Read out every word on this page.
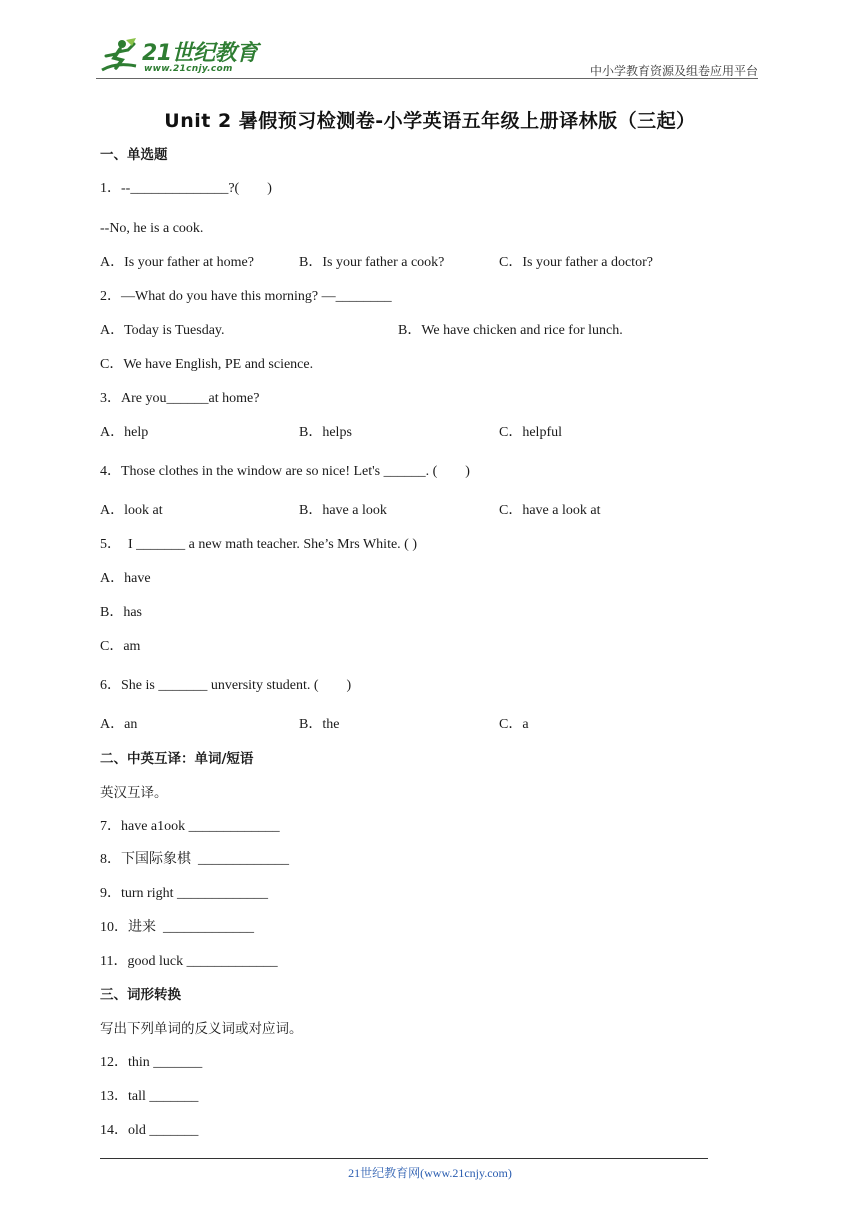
21世纪教育
www.21cnjy.com	中小学教育资源及组卷应用平台
Unit 2 暑假预习检测卷-小学英语五年级上册译林版（三起）
一、单选题
1．--______________?(　　)
--No, he is a cook.
A．Is your father at home?	B．Is your father a cook?	C．Is your father a doctor?
2．—What do you have this morning? —________
A．Today is Tuesday.	B．We have chicken and rice for lunch.
C．We have English, PE and science.
3．Are you______at home?
A．help	B．helps	C．helpful
4．Those clothes in the window are so nice! Let's ______. (　　)
A．look at	B．have a look	C．have a look at
5．　I _______ a new math teacher. She’s Mrs White. ( )
A．have
B．has
C．am
6．She is _______ unversity student. (　　)
A．an	B．the	C．a
二、中英互译：单词/短语
英汉互译。
7．have a1ook _____________
8．下国际象棋  _____________
9．turn right _____________
10．进来  _____________
11．good luck _____________
三、词形转换
写出下列单词的反义词或对应词。
12．thin _______
13．tall _______
14．old _______
21世纪教育网(www.21cnjy.com)
